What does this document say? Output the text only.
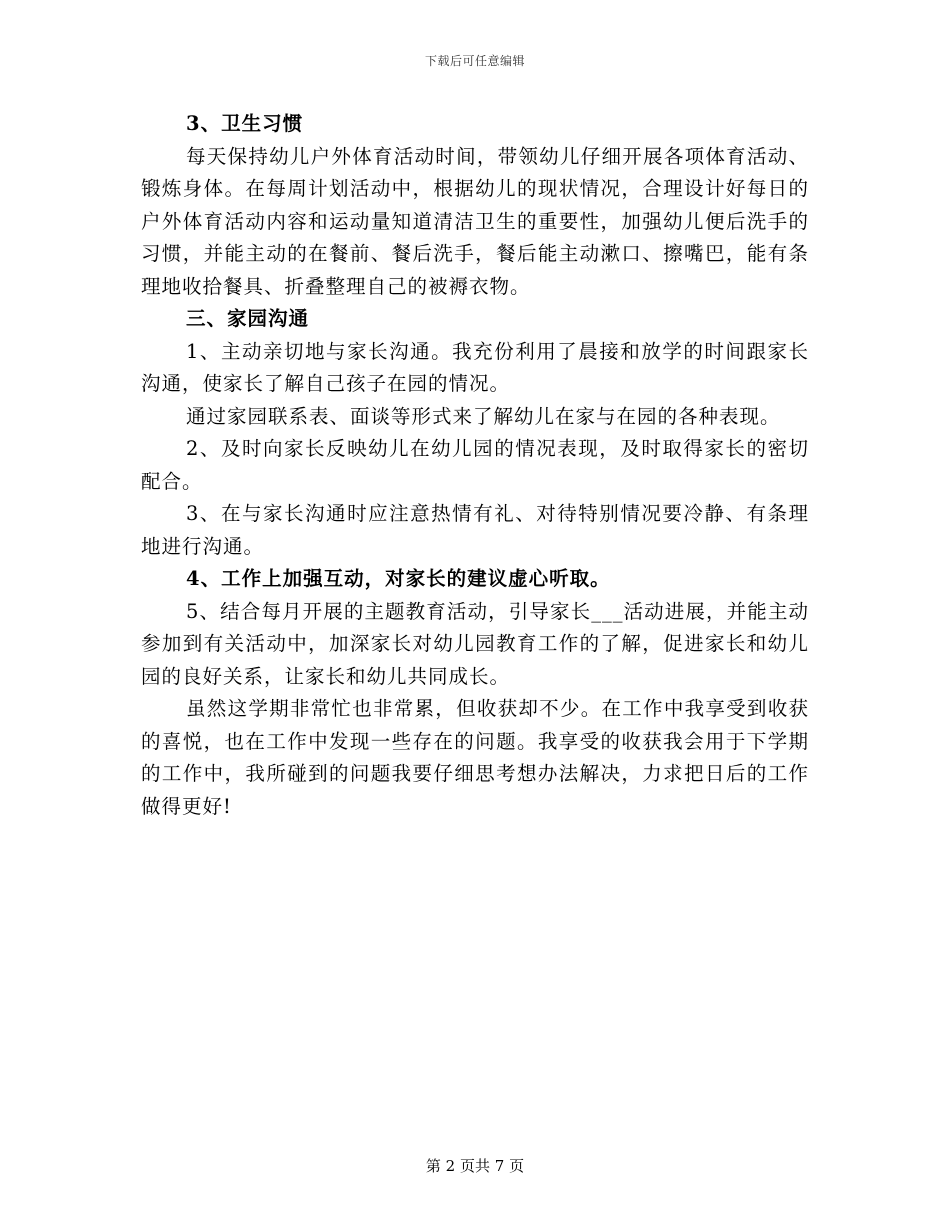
下载后可任意编辑

3、卫生习惯

每天保持幼儿户外体育活动时间，带领幼儿仔细开展各项体育活动、锻炼身体。在每周计划活动中，根据幼儿的现状情况，合理设计好每日的户外体育活动内容和运动量知道清洁卫生的重要性，加强幼儿便后洗手的习惯，并能主动的在餐前、餐后洗手，餐后能主动漱口、擦嘴巴，能有条理地收拾餐具、折叠整理自己的被褥衣物。

三、家园沟通

1、主动亲切地与家长沟通。我充份利用了晨接和放学的时间跟家长沟通，使家长了解自己孩子在园的情况。

通过家园联系表、面谈等形式来了解幼儿在家与在园的各种表现。

2、及时向家长反映幼儿在幼儿园的情况表现，及时取得家长的密切配合。

3、在与家长沟通时应注意热情有礼、对待特别情况要冷静、有条理地进行沟通。

4、工作上加强互动，对家长的建议虚心听取。

5、结合每月开展的主题教育活动，引导家长___活动进展，并能主动参加到有关活动中，加深家长对幼儿园教育工作的了解，促进家长和幼儿园的良好关系，让家长和幼儿共同成长。

虽然这学期非常忙也非常累，但收获却不少。在工作中我享受到收获的喜悦，也在工作中发现一些存在的问题。我享受的收获我会用于下学期的工作中，我所碰到的问题我要仔细思考想办法解决，力求把日后的工作做得更好!

第 2 页共 7 页
